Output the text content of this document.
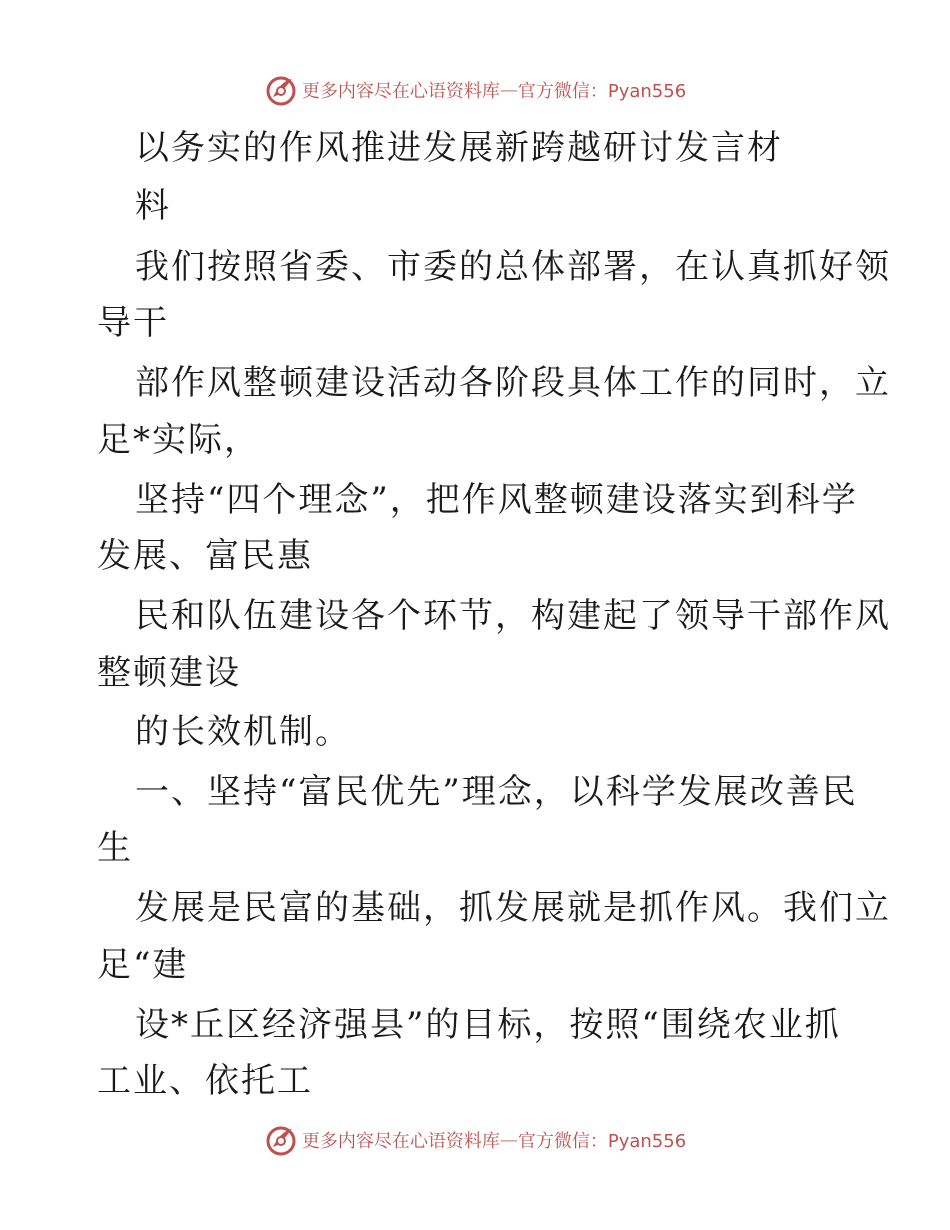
更多内容尽在心语资料库 — 官方微信：Pyan556
以务实的作风推进发展新跨越研讨发言材
料
我们按照省委、市委的总体部署，在认真抓好领
导干
部作风整顿建设活动各阶段具体工作的同时，立
足*实际，
坚持“四个理念”，把作风整顿建设落实到科学
发展、富民惠
民和队伍建设各个环节，构建起了领导干部作风
整顿建设
的长效机制。
一、坚持“富民优先”理念，以科学发展改善民
生
发展是民富的基础，抓发展就是抓作风。我们立
足“建
设*丘区经济强县”的目标，按照“围绕农业抓
工业、依托工
更多内容尽在心语资料库 — 官方微信：Pyan556
